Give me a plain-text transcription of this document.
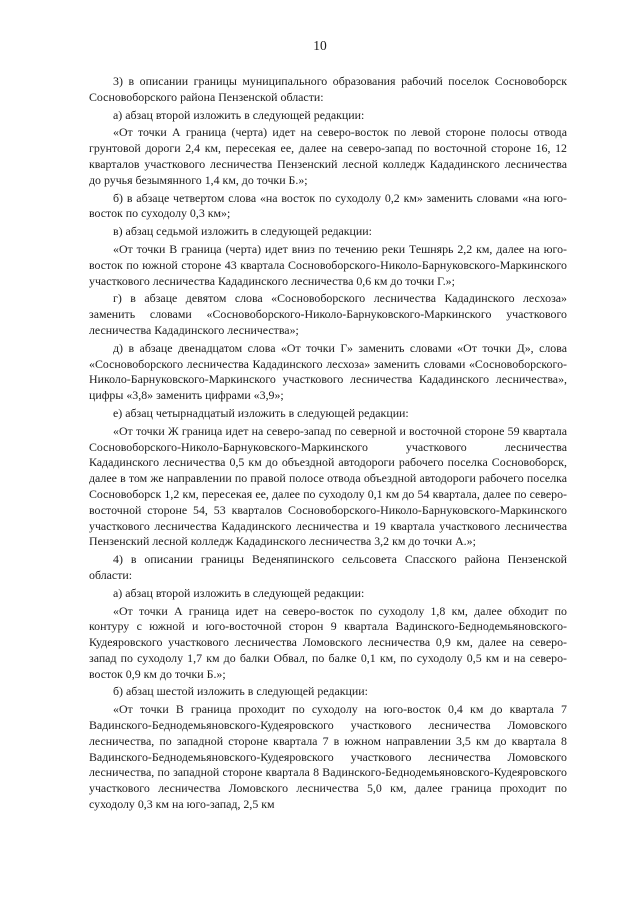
10

3) в описании границы муниципального образования рабочий поселок Сосновоборск Сосновоборского района Пензенской области:

а) абзац второй изложить в следующей редакции:

«От точки А граница (черта) идет на северо-восток по левой стороне полосы отвода грунтовой дороги 2,4 км, пересекая ее, далее на северо-запад по восточной стороне 16, 12 кварталов участкового лесничества Пензенский лесной колледж Кададинского лесничества до ручья безымянного 1,4 км, до точки Б.»;

б) в абзаце четвертом слова «на восток по суходолу 0,2 км» заменить словами «на юго-восток по суходолу 0,3 км»;

в) абзац седьмой изложить в следующей редакции:

«От точки В граница (черта) идет вниз по течению реки Тешнярь 2,2 км, далее на юго-восток по южной стороне 43 квартала Сосновоборского-Николо-Барнуковского-Маркинского участкового лесничества Кададинского лесничества 0,6 км до точки Г.»;

г) в абзаце девятом слова «Сосновоборского лесничества Кададинского лесхоза» заменить словами «Сосновоборского-Николо-Барнуковского-Маркинского участкового лесничества Кададинского лесничества»;

д) в абзаце двенадцатом слова «От точки Г» заменить словами «От точки Д», слова «Сосновоборского лесничества Кададинского лесхоза» заменить словами «Сосновоборского-Николо-Барнуковского-Маркинского участкового лесничества Кададинского лесничества», цифры «3,8» заменить цифрами «3,9»;

е) абзац четырнадцатый изложить в следующей редакции:

«От точки Ж граница идет на северо-запад по северной и восточной стороне 59 квартала Сосновоборского-Николо-Барнуковского-Маркинского участкового лесничества Кададинского лесничества 0,5 км до объездной автодороги рабочего поселка Сосновоборск, далее в том же направлении по правой полосе отвода объездной автодороги рабочего поселка Сосновоборск 1,2 км, пересекая ее, далее по суходолу 0,1 км до 54 квартала, далее по северо-восточной стороне 54, 53 кварталов Сосновоборского-Николо-Барнуковского-Маркинского участкового лесничества Кададинского лесничества и 19 квартала участкового лесничества Пензенский лесной колледж Кададинского лесничества 3,2 км до точки А.»;

4) в описании границы Веденяпинского сельсовета Спасского района Пензенской области:

а) абзац второй изложить в следующей редакции:

«От точки А граница идет на северо-восток по суходолу 1,8 км, далее обходит по контуру с южной и юго-восточной сторон 9 квартала Вадинского-Беднодемьяновского-Кудеяровского участкового лесничества Ломовского лесничества 0,9 км, далее на северо-запад по суходолу 1,7 км до балки Обвал, по балке 0,1 км, по суходолу 0,5 км и на северо-восток 0,9 км до точки Б.»;

б) абзац шестой изложить в следующей редакции:

«От точки В граница проходит по суходолу на юго-восток 0,4 км до квартала 7 Вадинского-Беднодемьяновского-Кудеяровского участкового лесничества Ломовского лесничества, по западной стороне квартала 7 в южном направлении 3,5 км до квартала 8 Вадинского-Беднодемьяновского-Кудеяровского участкового лесничества Ломовского лесничества, по западной стороне квартала 8 Вадинского-Беднодемьяновского-Кудеяровского участкового лесничества Ломовского лесничества 5,0 км, далее граница проходит по суходолу 0,3 км на юго-запад, 2,5 км
